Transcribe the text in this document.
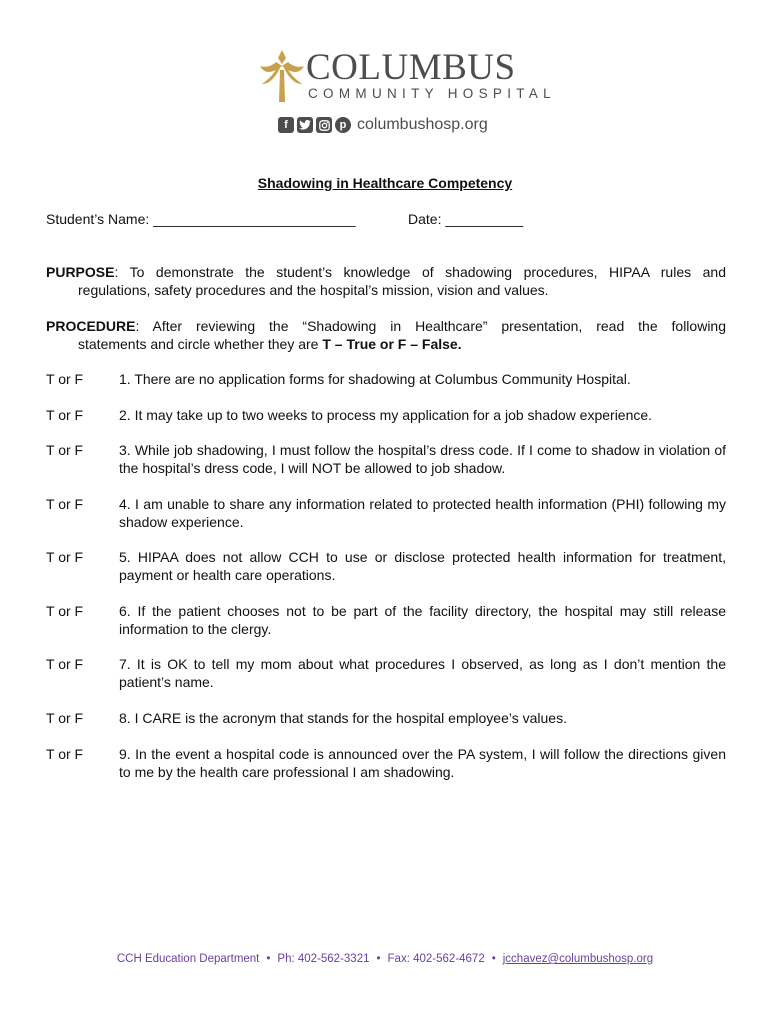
COLUMBUS
COMMUNITY HOSPITAL
f	p columbushosp.org
Shadowing in Healthcare Competency
Student’s Name: __________________________	Date: __________
PURPOSE: To demonstrate the student’s knowledge of shadowing procedures, HIPAA rules and
regulations, safety procedures and the hospital’s mission, vision and values.
PROCEDURE: After reviewing the “Shadowing in Healthcare” presentation, read the following
statements and circle whether they are T – True or F – False.
T or F	1. There are no application forms for shadowing at Columbus Community Hospital.
T or F	2. It may take up to two weeks to process my application for a job shadow experience.
T or F	3. While job shadowing, I must follow the hospital’s dress code. If I come to shadow in violation of the hospital’s dress code, I will NOT be allowed to job shadow.
T or F	4. I am unable to share any information related to protected health information (PHI) following my shadow experience.
T or F	5. HIPAA does not allow CCH to use or disclose protected health information for treatment, payment or health care operations.
T or F	6. If the patient chooses not to be part of the facility directory, the hospital may still release information to the clergy.
T or F	7. It is OK to tell my mom about what procedures I observed, as long as I don’t mention the patient’s name.
T or F	8. I CARE is the acronym that stands for the hospital employee’s values.
T or F	9. In the event a hospital code is announced over the PA system, I will follow the directions given to me by the health care professional I am shadowing.
CCH Education Department • Ph: 402-562-3321 • Fax: 402-562-4672 • jcchavez@columbushosp.org
